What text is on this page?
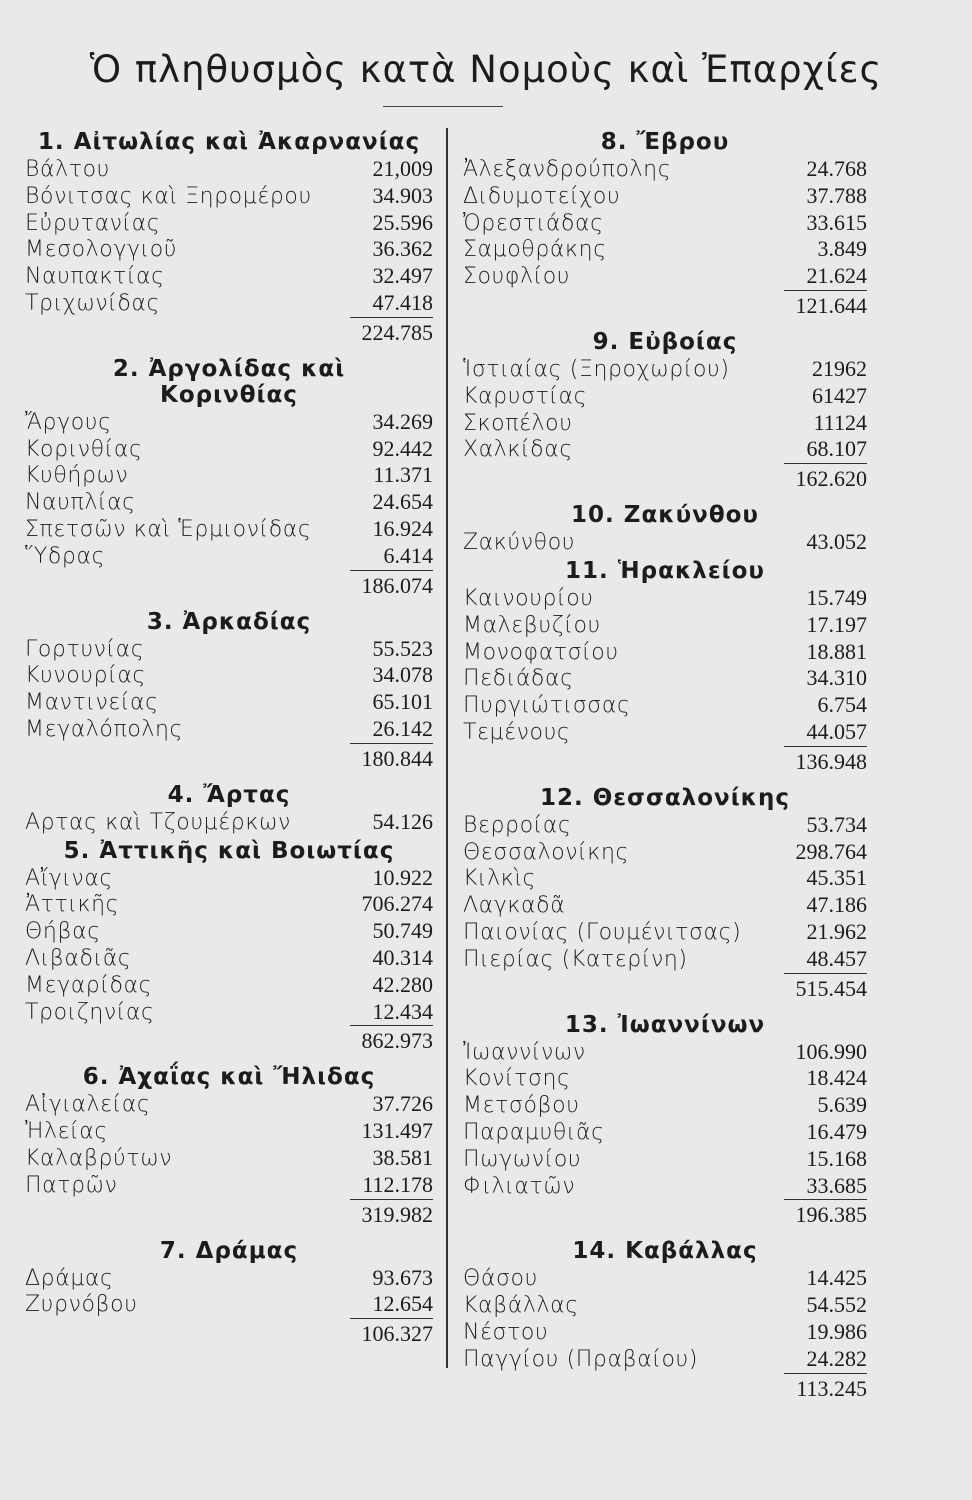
Ὁ πληθυσμὸς κατὰ Νομοὺς καὶ Ἐπαρχίες
1. Αἰτωλίας καὶ Ἀκαρνανίας
Βάλτου	21,009
Βόνιτσας καὶ Ξηρομέρου	34.903
Εὐρυτανίας	25.596
Μεσολογγιοῦ	36.362
Ναυπακτίας	32.497
Τριχωνίδας	47.418
224.785
2. Ἀργολίδας καὶ Κορινθίας
Ἄργους	34.269
Κορινθίας	92.442
Κυθήρων	11.371
Ναυπλίας	24.654
Σπετσῶν καὶ Ἑρμιονίδας	16.924
Ὕδρας	6.414
186.074
3. Ἀρκαδίας
Γορτυνίας	55.523
Κυνουρίας	34.078
Μαντινείας	65.101
Μεγαλόπολης	26.142
180.844
4. Ἄρτας
Αρτας καὶ Τζουμέρκων	54.126
5. Ἀττικῆς καὶ Βοιωτίας
Αἴγινας	10.922
Ἀττικῆς	706.274
Θήβας	50.749
Λιβαδιᾶς	40.314
Μεγαρίδας	42.280
Τροιζηνίας	12.434
862.973
6. Ἀχαΐας καὶ Ἤλιδας
Αἰγιαλείας	37.726
Ἠλείας	131.497
Καλαβρύτων	38.581
Πατρῶν	112.178
319.982
7. Δράμας
Δράμας	93.673
Ζυρνόβου	12.654
106.327
8. Ἔβρου
Ἀλεξανδρούπολης	24.768
Διδυμοτείχου	37.788
Ὀρεστιάδας	33.615
Σαμοθράκης	3.849
Σουφλίου	21.624
121.644
9. Εὐβοίας
Ἱστιαίας (Ξηροχωρίου)	21962
Καρυστίας	61427
Σκοπέλου	11124
Χαλκίδας	68.107
162.620
10. Ζακύνθου
Ζακύνθου	43.052
11. Ἡρακλείου
Καινουρίου	15.749
Μαλεβυζίου	17.197
Μονοφατσίου	18.881
Πεδιάδας	34.310
Πυργιώτισσας	6.754
Τεμένους	44.057
136.948
12. Θεσσαλονίκης
Βερροίας	53.734
Θεσσαλονίκης	298.764
Κιλκὶς	45.351
Λαγκαδᾶ	47.186
Παιονίας (Γουμένιτσας)	21.962
Πιερίας (Κατερίνη)	48.457
515.454
13. Ἰωαννίνων
Ἰωαννίνων	106.990
Κονίτσης	18.424
Μετσόβου	5.639
Παραμυθιᾶς	16.479
Πωγωνίου	15.168
Φιλιατῶν	33.685
196.385
14. Καβάλλας
Θάσου	14.425
Καβάλλας	54.552
Νέστου	19.986
Παγγίου (Πραβαίου)	24.282
113.245
